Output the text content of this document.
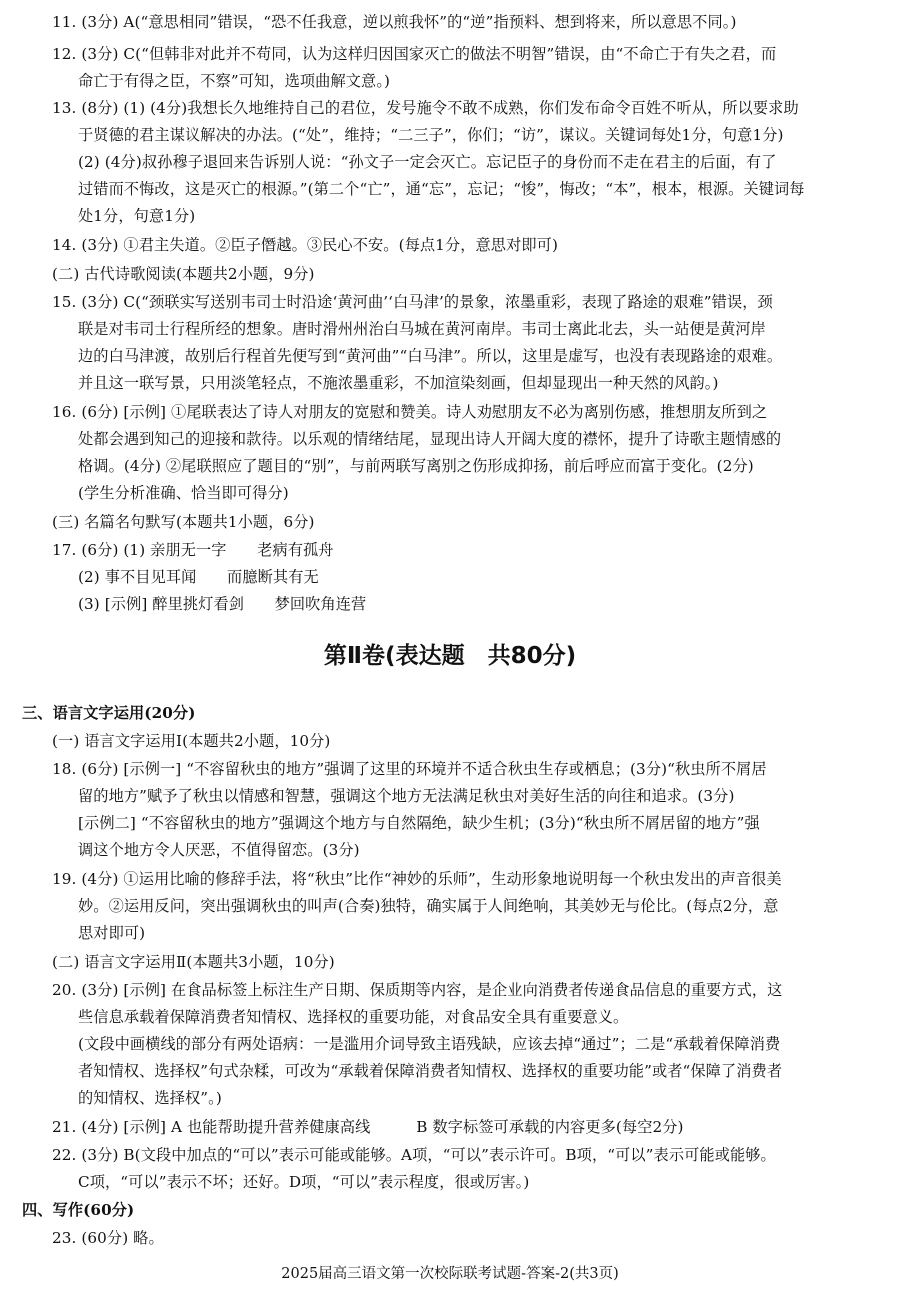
11. (3分) A(“意思相同”错误，“恐不任我意，逆以煎我怀”的“逆”指预料、想到将来，所以意思不同。)
12. (3分) C(“但韩非对此并不苟同，认为这样归因国家灭亡的做法不明智”错误，由“不命亡于有失之君，而
命亡于有得之臣，不察”可知，选项曲解文意。)
13. (8分) (1) (4分)我想长久地维持自己的君位，发号施令不敢不成熟，你们发布命令百姓不听从，所以要求助
于贤德的君主谋议解决的办法。(“处”，维持；“二三子”，你们；“访”，谋议。关键词每处1分，句意1分)
(2) (4分)叔孙穆子退回来告诉别人说：“孙文子一定会灭亡。忘记臣子的身份而不走在君主的后面，有了
过错而不悔改，这是灭亡的根源。”(第二个“亡”，通“忘”，忘记；“悛”，悔改；“本”，根本，根源。关键词每
处1分，句意1分)
14. (3分) ①君主失道。②臣子僭越。③民心不安。(每点1分，意思对即可)
(二) 古代诗歌阅读(本题共2小题，9分)
15. (3分) C(“颈联实写送别韦司士时沿途‘黄河曲’‘白马津’的景象，浓墨重彩，表现了路途的艰难”错误，颈
联是对韦司士行程所经的想象。唐时滑州州治白马城在黄河南岸。韦司士离此北去，头一站便是黄河岸
边的白马津渡，故别后行程首先便写到“黄河曲”“白马津”。所以，这里是虚写，也没有表现路途的艰难。
并且这一联写景，只用淡笔轻点，不施浓墨重彩，不加渲染刻画，但却显现出一种天然的风韵。)
16. (6分) [示例] ①尾联表达了诗人对朋友的宽慰和赞美。诗人劝慰朋友不必为离别伤感，推想朋友所到之
处都会遇到知己的迎接和款待。以乐观的情绪结尾，显现出诗人开阔大度的襟怀，提升了诗歌主题情感的
格调。(4分) ②尾联照应了题目的“别”，与前两联写离别之伤形成抑扬，前后呼应而富于变化。(2分)
(学生分析准确、恰当即可得分)
(三) 名篇名句默写(本题共1小题，6分)
17. (6分) (1) 亲朋无一字　　老病有孤舟
(2) 事不目见耳闻　　而臆断其有无
(3) [示例] 醉里挑灯看剑　　梦回吹角连营
第Ⅱ卷(表达题　共80分)
三、语言文字运用(20分)
(一) 语言文字运用Ⅰ(本题共2小题，10分)
18. (6分) [示例一] “不容留秋虫的地方”强调了这里的环境并不适合秋虫生存或栖息；(3分)“秋虫所不屑居
留的地方”赋予了秋虫以情感和智慧，强调这个地方无法满足秋虫对美好生活的向往和追求。(3分)
[示例二] “不容留秋虫的地方”强调这个地方与自然隔绝，缺少生机；(3分)“秋虫所不屑居留的地方”强
调这个地方令人厌恶，不值得留恋。(3分)
19. (4分) ①运用比喻的修辞手法，将“秋虫”比作“神妙的乐师”，生动形象地说明每一个秋虫发出的声音很美
妙。②运用反问，突出强调秋虫的叫声(合奏)独特，确实属于人间绝响，其美妙无与伦比。(每点2分，意
思对即可)
(二) 语言文字运用Ⅱ(本题共3小题，10分)
20. (3分) [示例] 在食品标签上标注生产日期、保质期等内容，是企业向消费者传递食品信息的重要方式，这
些信息承载着保障消费者知情权、选择权的重要功能，对食品安全具有重要意义。
(文段中画横线的部分有两处语病：一是滥用介词导致主语残缺，应该去掉“通过”；二是“承载着保障消费
者知情权、选择权”句式杂糅，可改为“承载着保障消费者知情权、选择权的重要功能”或者“保障了消费者
的知情权、选择权”。)
21. (4分) [示例] A 也能帮助提升营养健康高线　　　B 数字标签可承载的内容更多(每空2分)
22. (3分) B(文段中加点的“可以”表示可能或能够。A项，“可以”表示许可。B项，“可以”表示可能或能够。
C项，“可以”表示不坏；还好。D项，“可以”表示程度，很或厉害。)
四、写作(60分)
23. (60分) 略。
2025届高三语文第一次校际联考试题-答案-2(共3页)
